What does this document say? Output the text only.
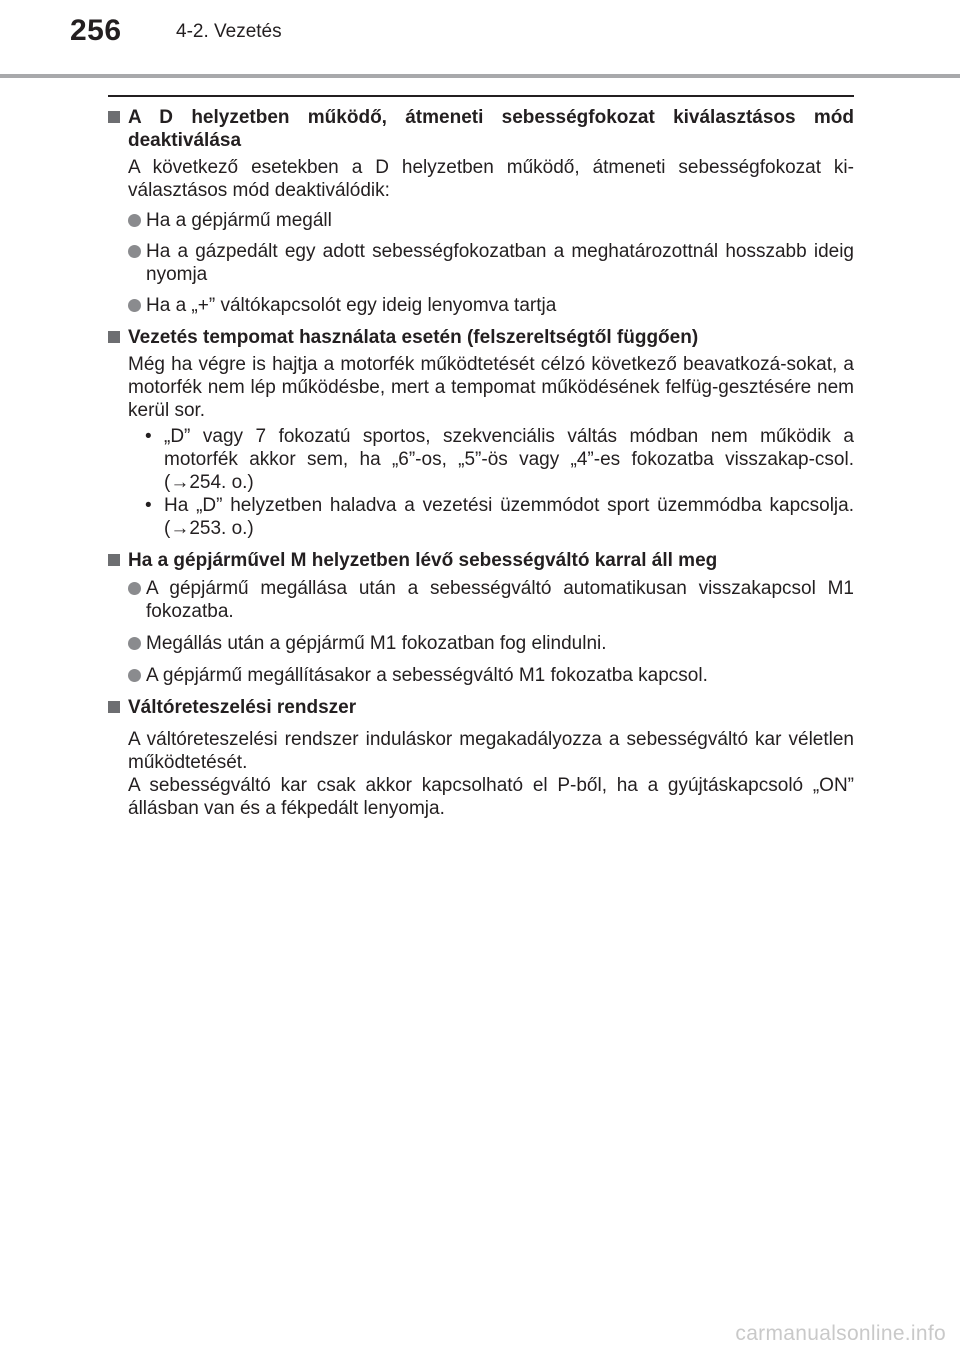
256	4-2. Vezetés
A D helyzetben működő, átmeneti sebességfokozat kiválasztásos mód deaktiválása
A következő esetekben a D helyzetben működő, átmeneti sebességfokozat ki-választásos mód deaktiválódik:
Ha a gépjármű megáll
Ha a gázpedált egy adott sebességfokozatban a meghatározottnál hosszabb ideig nyomja
Ha a „+” váltókapcsolót egy ideig lenyomva tartja
Vezetés tempomat használata esetén (felszereltségtől függően)
Még ha végre is hajtja a motorfék működtetését célzó következő beavatkozá-sokat, a motorfék nem lép működésbe, mert a tempomat működésének felfüg-gesztésére nem kerül sor.
• „D” vagy 7 fokozatú sportos, szekvenciális váltás módban nem működik a motorfék akkor sem, ha „6”-os, „5”-ös vagy „4”-es fokozatba visszakap-csol. (→254. o.)
• Ha „D” helyzetben haladva a vezetési üzemmódot sport üzemmódba kapcsolja. (→253. o.)
Ha a gépjárművel M helyzetben lévő sebességváltó karral áll meg
A gépjármű megállása után a sebességváltó automatikusan visszakapcsol M1 fokozatba.
Megállás után a gépjármű M1 fokozatban fog elindulni.
A gépjármű megállításakor a sebességváltó M1 fokozatba kapcsol.
Váltóreteszelési rendszer
A váltóreteszelési rendszer induláskor megakadályozza a sebességváltó kar véletlen működtetését.
A sebességváltó kar csak akkor kapcsolható el P-ből, ha a gyújtáskapcsoló „ON” állásban van és a fékpedált lenyomja.
carmanualsonline.info
